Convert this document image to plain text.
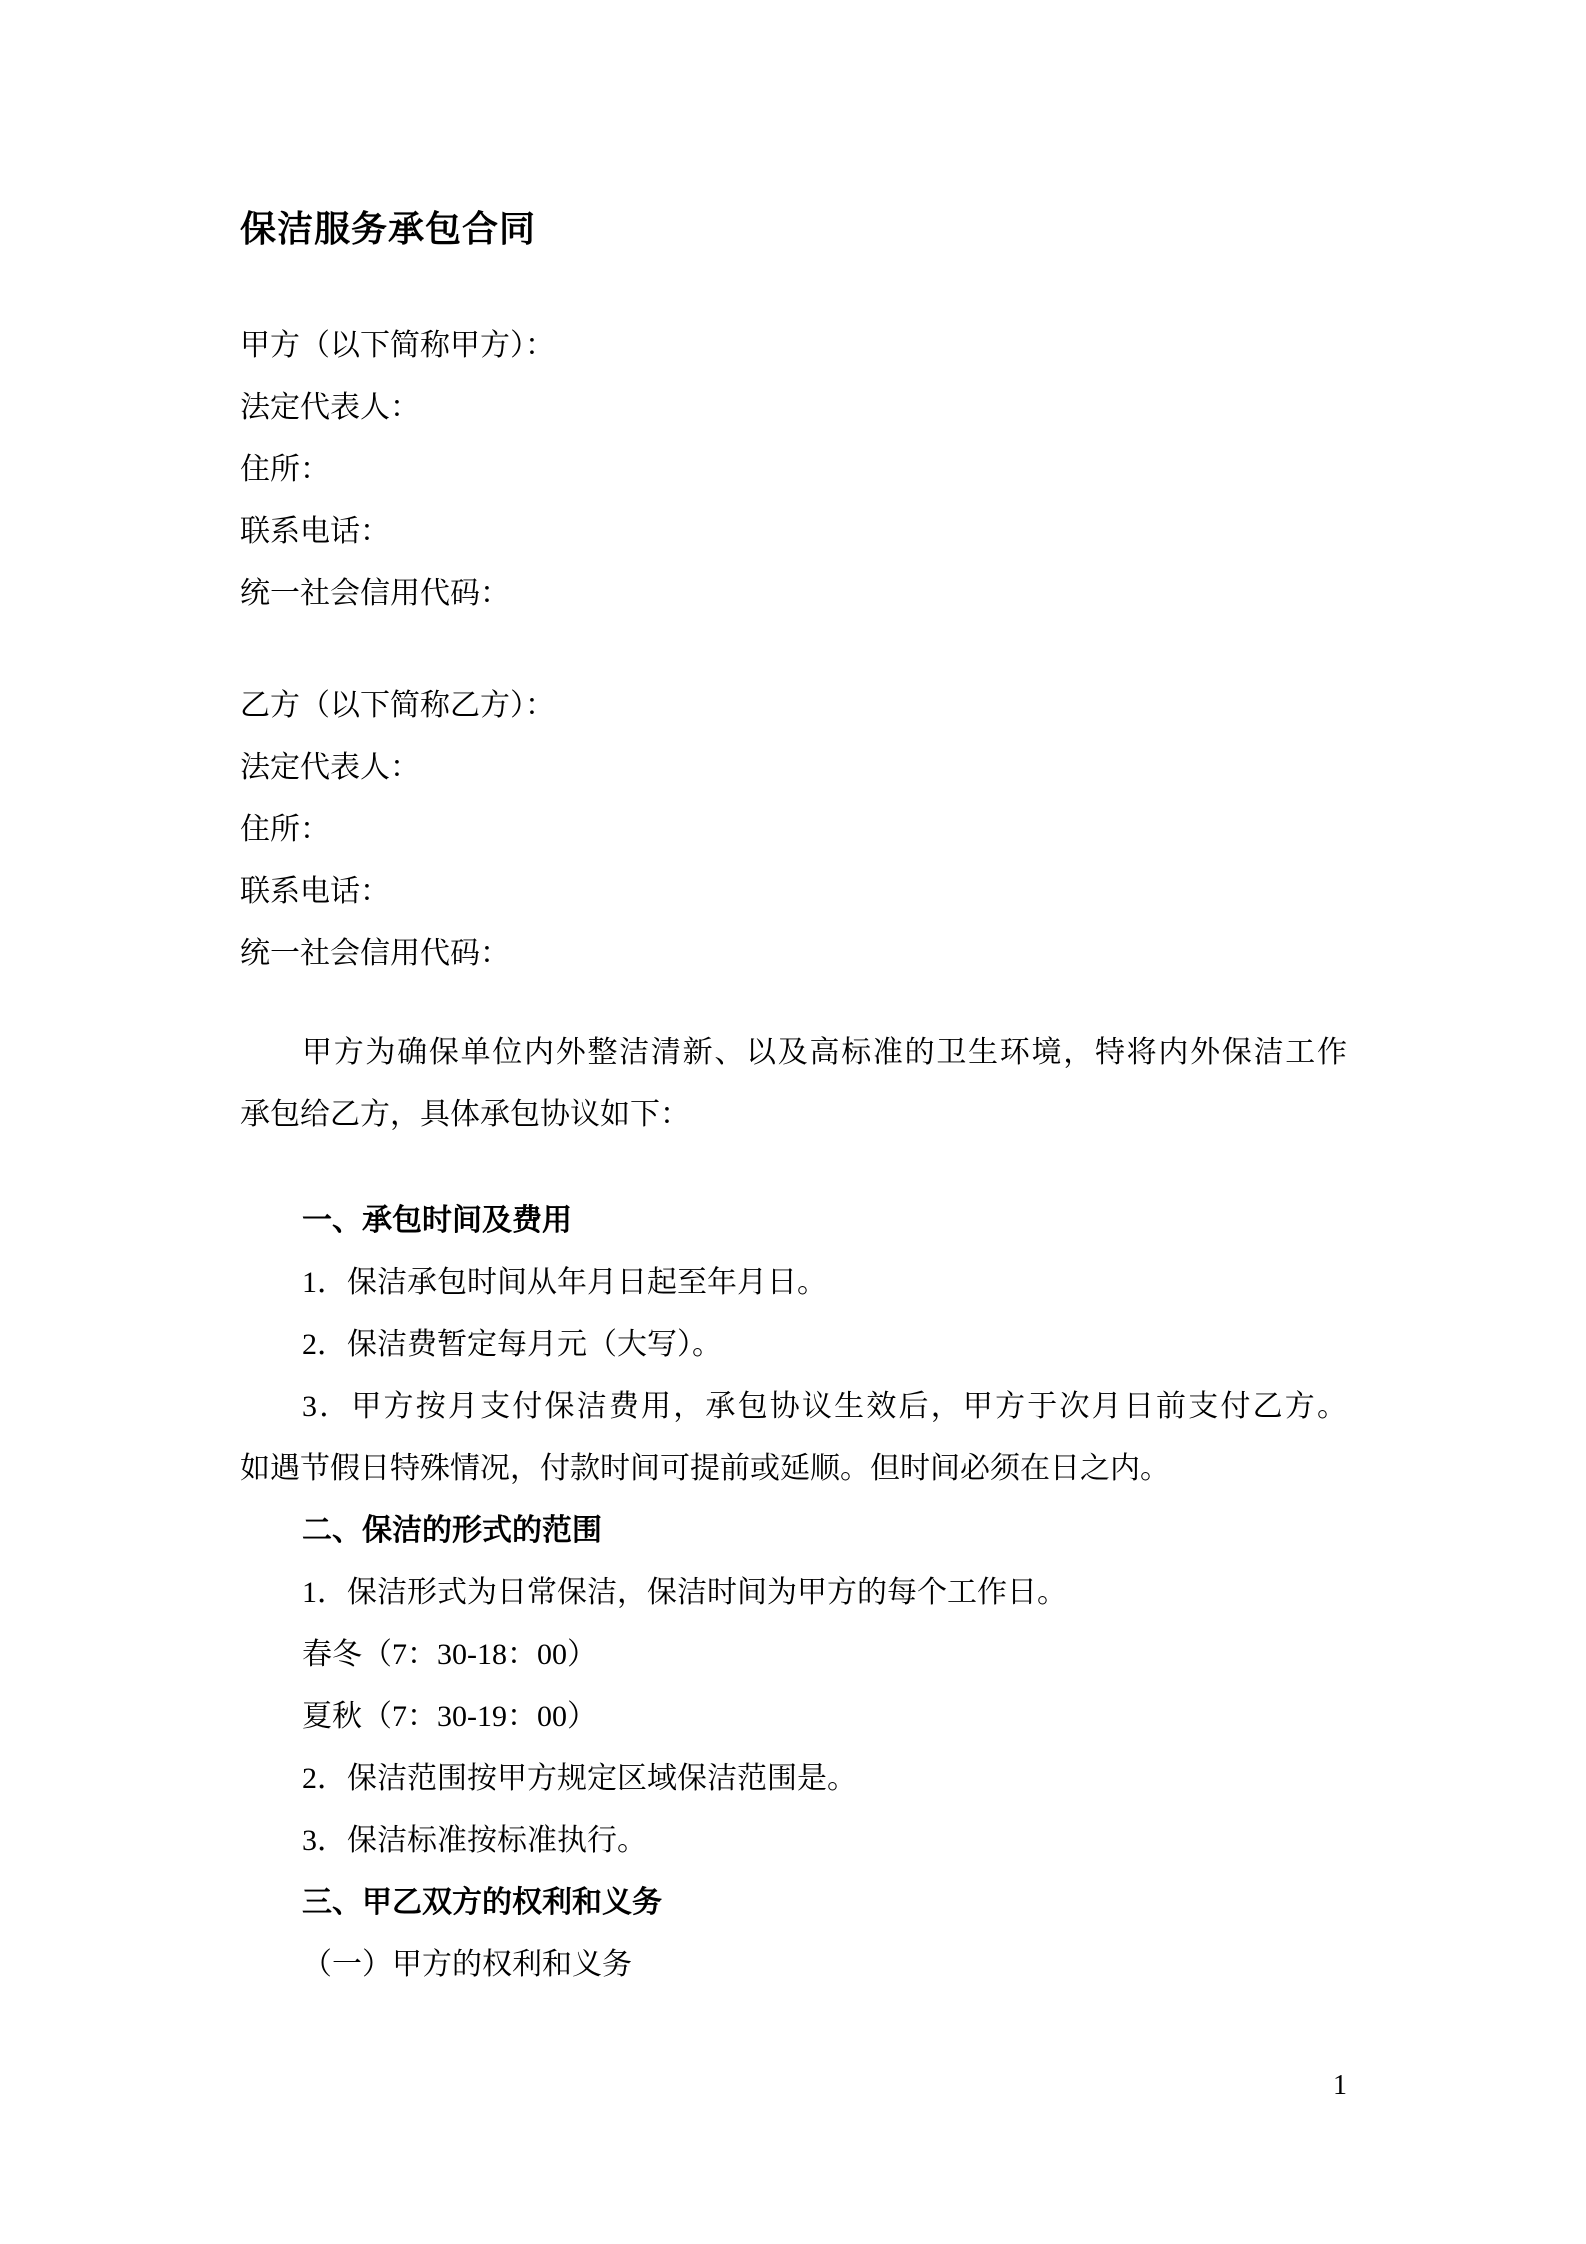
保洁服务承包合同
甲方（以下简称甲方）：
法定代表人：
住所：
联系电话：
统一社会信用代码：
乙方（以下简称乙方）：
法定代表人：
住所：
联系电话：
统一社会信用代码：
甲方为确保单位内外整洁清新、以及高标准的卫生环境，特将内外保洁工作
承包给乙方，具体承包协议如下：
一、承包时间及费用
1．保洁承包时间从年月日起至年月日。
2．保洁费暂定每月元（大写）。
3．甲方按月支付保洁费用，承包协议生效后，甲方于次月日前支付乙方。
如遇节假日特殊情况，付款时间可提前或延顺。但时间必须在日之内。
二、保洁的形式的范围
1．保洁形式为日常保洁，保洁时间为甲方的每个工作日。
春冬（7：30-18：00）
夏秋（7：30-19：00）
2．保洁范围按甲方规定区域保洁范围是。
3．保洁标准按标准执行。
三、甲乙双方的权利和义务
（一）甲方的权利和义务
1
